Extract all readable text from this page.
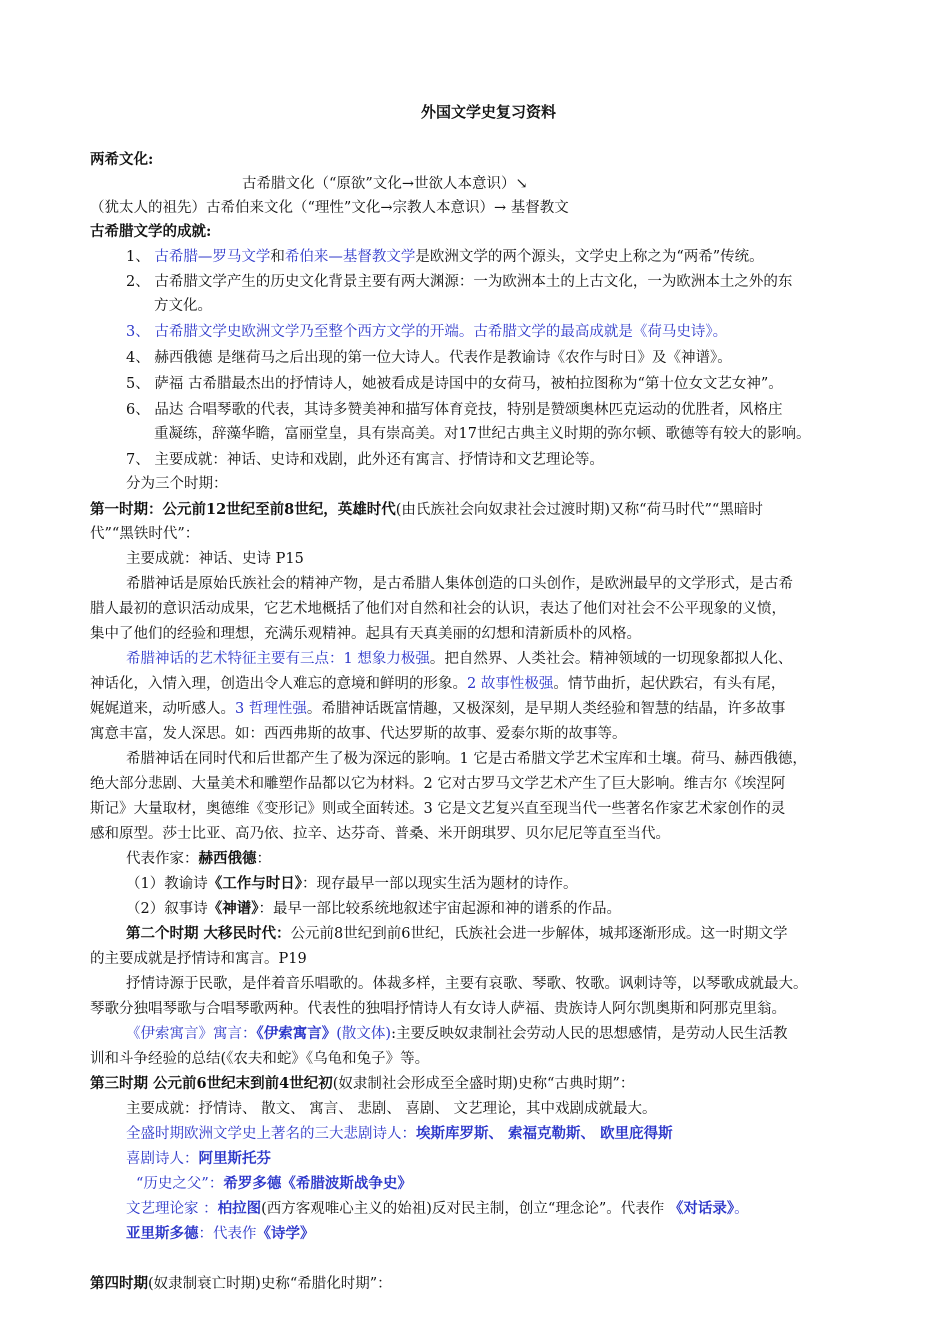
外国文学史复习资料
两希文化:
古希腊文化（“原欲”文化→世欲人本意识）↘
（犹太人的祖先）古希伯来文化（“理性”文化→宗教人本意识）→ 基督教文
古希腊文学的成就:
1、 古希腊—罗马文学和希伯来—基督教文学是欧洲文学的两个源头，文学史上称之为“两希”传统。
2、 古希腊文学产生的历史文化背景主要有两大渊源：一为欧洲本土的上古文化，一为欧洲本土之外的东
方文化。
3、 古希腊文学史欧洲文学乃至整个西方文学的开端。古希腊文学的最高成就是《荷马史诗》。
4、 赫西俄德 是继荷马之后出现的第一位大诗人。代表作是教谕诗《农作与时日》及《神谱》。
5、 萨福 古希腊最杰出的抒情诗人，她被看成是诗国中的女荷马，被柏拉图称为“第十位女文艺女神”。
6、 品达 合唱琴歌的代表，其诗多赞美神和描写体育竞技，特别是赞颂奥林匹克运动的优胜者，风格庄
重凝练，辞藻华瞻，富丽堂皇，具有崇高美。对17世纪古典主义时期的弥尔顿、歌德等有较大的影响。
7、 主要成就：神话、史诗和戏剧，此外还有寓言、抒情诗和文艺理论等。
分为三个时期：
第一时期：公元前12世纪至前8世纪，英雄时代(由氏族社会向奴隶社会过渡时期)又称“荷马时代”“黑暗时
代”“黑铁时代”：
主要成就：神话、史诗 P15
希腊神话是原始氏族社会的精神产物，是古希腊人集体创造的口头创作，是欧洲最早的文学形式，是古希
腊人最初的意识活动成果，它艺术地概括了他们对自然和社会的认识，表达了他们对社会不公平现象的义愤，
集中了他们的经验和理想，充满乐观精神。起具有天真美丽的幻想和清新质朴的风格。
希腊神话的艺术特征主要有三点：1 想象力极强。把自然界、人类社会。精神领域的一切现象都拟人化、
神话化，入情入理，创造出令人难忘的意境和鲜明的形象。2 故事性极强。情节曲折，起伏跌宕，有头有尾，
娓娓道来，动听感人。3 哲理性强。希腊神话既富情趣，又极深刻，是早期人类经验和智慧的结晶，许多故事
寓意丰富，发人深思。如：西西弗斯的故事、代达罗斯的故事、爱泰尔斯的故事等。
希腊神话在同时代和后世都产生了极为深远的影响。1 它是古希腊文学艺术宝库和土壤。荷马、赫西俄德，
绝大部分悲剧、大量美术和雕塑作品都以它为材料。2 它对古罗马文学艺术产生了巨大影响。维吉尔《埃涅阿
斯记》大量取材，奥德维《变形记》则或全面转述。3 它是文艺复兴直至现当代一些著名作家艺术家创作的灵
感和原型。莎士比亚、高乃依、拉辛、达芬奇、普桑、米开朗琪罗、贝尔尼尼等直至当代。
代表作家：赫西俄德：
（1）教谕诗《工作与时日》：现存最早一部以现实生活为题材的诗作。
（2）叙事诗《神谱》：最早一部比较系统地叙述宇宙起源和神的谱系的作品。
第二个时期 大移民时代：公元前8世纪到前6世纪，氏族社会进一步解体，城邦逐渐形成。这一时期文学
的主要成就是抒情诗和寓言。P19
抒情诗源于民歌，是伴着音乐唱歌的。体裁多样，主要有哀歌、琴歌、牧歌。讽刺诗等，以琴歌成就最大。
琴歌分独唱琴歌与合唱琴歌两种。代表性的独唱抒情诗人有女诗人萨福、贵族诗人阿尔凯奥斯和阿那克里翁。
《伊索寓言》寓言：《伊索寓言》(散文体):主要反映奴隶制社会劳动人民的思想感情，是劳动人民生活教
训和斗争经验的总结(《农夫和蛇》《乌龟和兔子》等。
第三时期 公元前6世纪末到前4世纪初(奴隶制社会形成至全盛时期)史称“古典时期”：
主要成就：抒情诗、 散文、 寓言、 悲剧、 喜剧、 文艺理论，其中戏剧成就最大。
全盛时期欧洲文学史上著名的三大悲剧诗人：埃斯库罗斯、 索福克勒斯、 欧里庇得斯
喜剧诗人：阿里斯托芬
“历史之父”：希罗多德《希腊波斯战争史》
文艺理论家 ：柏拉图(西方客观唯心主义的始祖)反对民主制，创立“理念论”。代表作 《对话录》。
亚里斯多德：代表作《诗学》
第四时期(奴隶制衰亡时期)史称“希腊化时期”：
